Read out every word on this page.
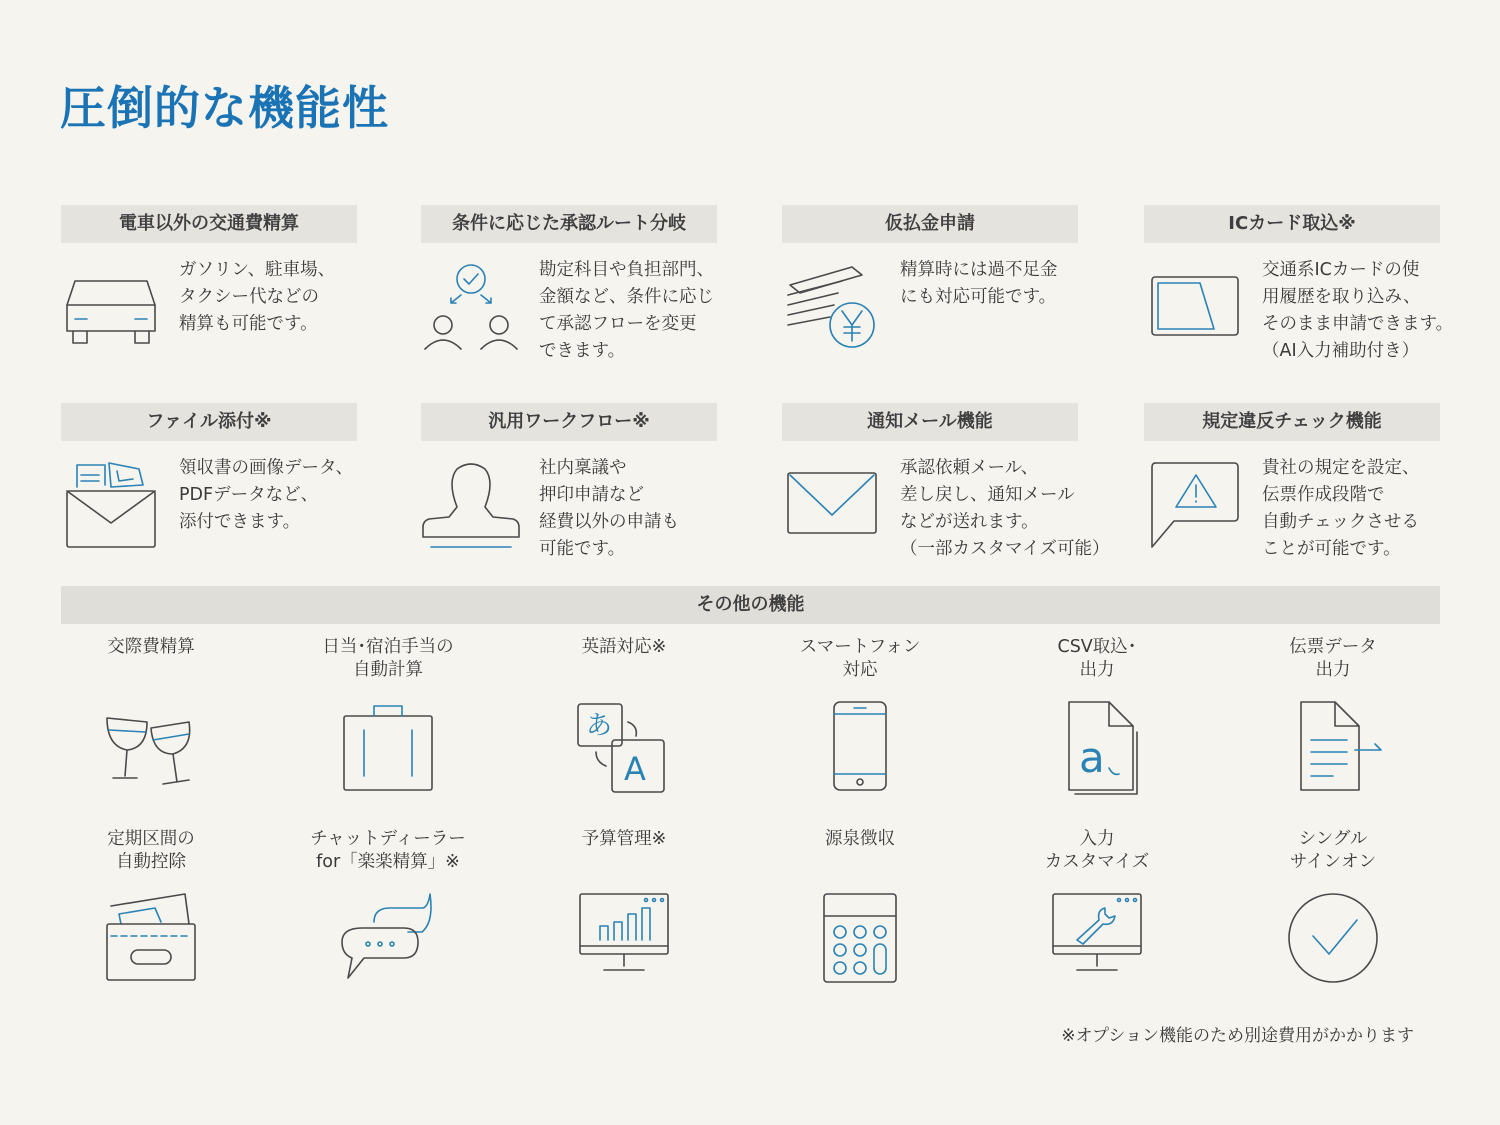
圧倒的な機能性
電車以外の交通費精算
ガソリン、駐車場、
タクシー代などの
精算も可能です。
条件に応じた承認ルート分岐
勘定科目や負担部門、
金額など、条件に応じ
て承認フローを変更
できます。
仮払金申請
精算時には過不足金
にも対応可能です。
ICカード取込※
交通系ICカードの使
用履歴を取り込み、
そのまま申請できます。
（AI入力補助付き）
ファイル添付※
領収書の画像データ、
PDFデータなど、
添付できます。
汎用ワークフロー※
社内稟議や
押印申請など
経費以外の申請も
可能です。
通知メール機能
承認依頼メール、
差し戻し、通知メール
などが送れます。
（一部カスタマイズ可能）
規定違反チェック機能
貴社の規定を設定、
伝票作成段階で
自動チェックさせる
ことが可能です。
その他の機能
交際費精算	日当･宿泊手当の
自動計算
英語対応※
あ
A
スマートフォン
対応
CSV取込･
出力
a
伝票データ
出力
定期区間の
自動控除
チャットディーラー
for「楽楽精算」※
予算管理※	源泉徴収	入力
カスタマイズ
シングル
サインオン
※オプション機能のため別途費用がかかります
